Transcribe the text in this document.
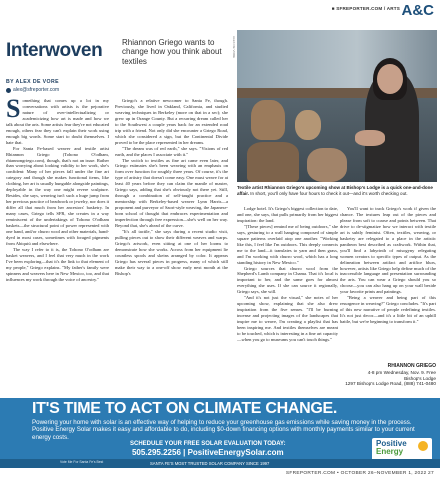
■ SFREPORTER.COM / ARTS A&C
Interwoven Rhiannon Griego wants to change how you think about textiles
ALEX DE VORE
Textile artist Rhiannon Griego's upcoming show at Bishop's Lodge is a quick one-and-done affair. In short, you'll only have four hours to check it out—and it's worth checking out.
BY ALEX DE VORE
alex@sfreporter.com

Something that comes up a lot in my conversations with artists is the pejorative nature of over-intellectualizing or academicizing how art is made and how we talk about the arts. Some artists fear they're not educated enough, others fear they can't explain their work using enough big words. Some start to doubt themselves. I hate that.

For Santa Fe-based weaver and textile artist Rhiannon Griego (Tohono O'odham, rhiannongriego.com), though, that's not an issue. Rather than worrying about looking validity to her work, she's confident: Many of her pieces fall under the fine art category and though she makes functional items, like clothing, her art is usually hungable alongside paintings, deployable in the way one might revere sculpture. Besides, she says, weaving isn't such a huge jump from her previous practice of beadwork or jewelry, nor does it differ all that much from her ancestors' basketry. In many cases, Griego tells SFR, she creates in a way reminiscent of the undertakings of Tohono O'odham baskets—the structural point of power represented with one hand, and/or churro wool and other materials, hand-dyed in most cases, sometimes with foraged pigments from Abiquiú and elsewhere.

The way I refer to it is, the Tohono O'odham are basket weavers, and I feel that very much in the work I've been exploring—that it's the link to that element of my people," Griego explains. "My father's family were spinners and weavers here in New Mexico, too, and that influences my work through the voice of ancestry."

Griego's a relative newcomer to Santa Fe, though. Previously, she lived in Oakland, California, and studied weaving techniques in Berkeley (more on that in a sec); she grew up in Orange County. But a recurring dream called her to the Southwest a couple years back for an extended road trip with a friend. Not only did she encounter a Griego Road, which she considered a sign, but the Continental Divide proved to be the place represented in her dreams.

"The dream was of red earth," she says. "Visions of red earth, and the places I associate with it."

The switch to textiles as fine art came even later, and Griego estimates she's been weaving with an emphasis on form over function for roughly three years. Of course, it's the type of artistry that doesn't come easy. One must weave for at least 40 years before they can claim the mantle of master, Griego says, adding that she's obviously not there yet. Still, through a combination of self-taught practice and a mentorship with Berkeley-based weaver Lynn Harris—a proponent and purveyor of Saori-style weaving, the Japanese-born school of thought that embraces experimentation and imperfection through free expression—she's well on her way. Beyond that, she's ahead of the curve.

"It's all tactile," she says during a recent studio visit, pulling pieces out to show their different weaves and warps. Griego's artwork, even sitting at one of her looms to demonstrate how she works. Across from her equipment lie countless spools and skeins arranged by color. It appears Griego has several pieces in progress, many of which still make their way to a one-off show early next month at the Bishop's

Lodge hotel. It's Griego's biggest collection to date, and one, she says, that pulls primarily from her biggest inspiration: the land.

"[These pieces] remind me of being outdoors," she says, gesturing to a wall hanging composed of simple square patterns overlaid atop one another. "Working like this, I feel like I'm outdoors. This deeply connects me to the land—it translates to yarn and then grass, and I'm working with churro wool, which has a long standing history in New Mexico."

Griego sources that churro wool from the Shepherd's Lamb company in Chama. That it's local is important to her, and the same goes for almost everything she uses. If she can source it regionally, Griego says, she will.

"And it's not just the visual," she notes of her upcoming show, explaining that she also drew inspiration from the five senses. "I'll be burning incense and projecting images of the landscapes that inspire me to weave, I'm creating a playlist that has been inspiring me. And textiles themselves are meant to be touched, which is interesting in a fine art capacity—when you go to museums you can't touch things."

You'll want to track Griego's work if given the chance. The textures leap out of the pieces and please from soft to coarse and points between. That drive to de-stigmatize how we interact with textile art is subtly feminist. Often, textiles, weaving, or basketry are relegated to a place in the artistic pantheon best described as craftwork. Within that, you'll find a labyrinth of misogyny relegating women creators to specific types of output. As the delineation between artifact and artifice blurs, however, artists like Griego help define much of the inaccessible language and presentation surrounding the arts. You can wear a Griego should you so choose—you can also hang up on your wall beside your favorite prints and paintings.

"Being a weaver and being part of this resurgence in weaving?" Griego concludes. "It's part of this new narrative of people redefining textiles. It's not just decor—and it's a little bit of an uphill battle, but we're beginning to transform it."

RHIANNON GRIEGO
4-8 pm Wednesday, Nov. 9. Free
Bishop's Lodge
1297 Bishop's Lodge Road, (888) 741-0480
IT'S TIME TO ACT ON CLIMATE CHANGE.
Powering your home with solar is an effective way of helping to reduce your greenhouse gas emissions while saving money in the process. Positive Energy Solar makes it easy and affordable to do, including $0-down financing options with monthly payments similar to your current energy costs.
SCHEDULE YOUR FREE SOLAR EVALUATION TODAY:
505.295.2256 | PositiveEnergySolar.com
Positive
Energy
SANTA FE'S MOST TRUSTED SOLAR COMPANY SINCE 1997
Vote Me For Santa Fe's Best
SFREPORTER.COM • OCTOBER 26–NOVEMBER 1, 2022 27
